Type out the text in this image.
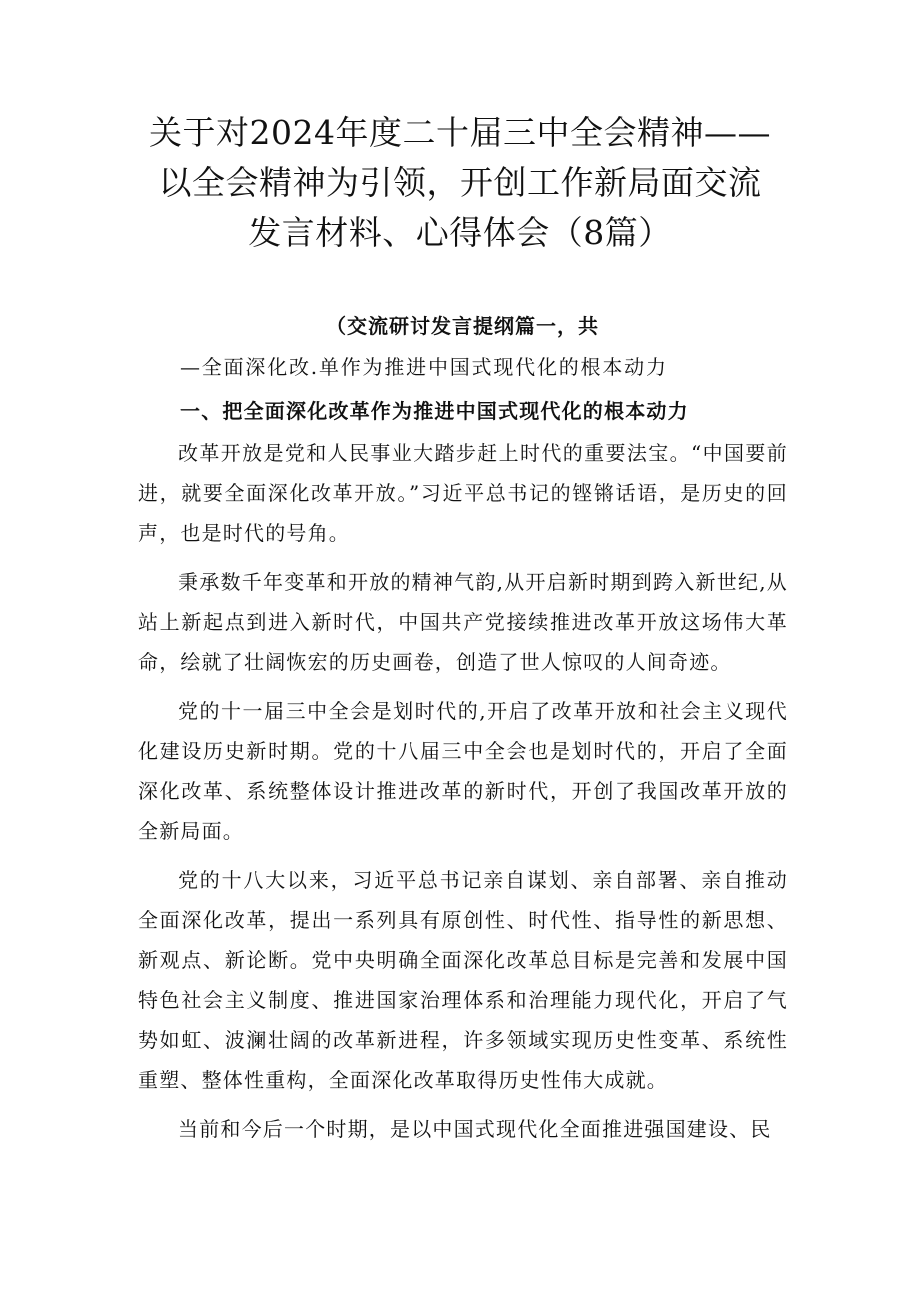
关于对2024年度二十届三中全会精神——
以全会精神为引领，开创工作新局面交流
发言材料、心得体会（8篇）
（交流研讨发言提纲篇一，共
—全面深化改.单作为推进中国式现代化的根本动力
一、把全面深化改革作为推进中国式现代化的根本动力

改革开放是党和人民事业大踏步赶上时代的重要法宝。“中国要前进，就要全面深化改革开放。”习近平总书记的铿锵话语，是历史的回声，也是时代的号角。

秉承数千年变革和开放的精神气韵,从开启新时期到跨入新世纪,从站上新起点到进入新时代，中国共产党接续推进改革开放这场伟大革命，绘就了壮阔恢宏的历史画卷，创造了世人惊叹的人间奇迹。

党的十一届三中全会是划时代的,开启了改革开放和社会主义现代化建设历史新时期。党的十八届三中全会也是划时代的，开启了全面深化改革、系统整体设计推进改革的新时代，开创了我国改革开放的全新局面。

党的十八大以来，习近平总书记亲自谋划、亲自部署、亲自推动全面深化改革，提出一系列具有原创性、时代性、指导性的新思想、新观点、新论断。党中央明确全面深化改革总目标是完善和发展中国特色社会主义制度、推进国家治理体系和治理能力现代化，开启了气势如虹、波澜壮阔的改革新进程，许多领域实现历史性变革、系统性重塑、整体性重构，全面深化改革取得历史性伟大成就。

当前和今后一个时期，是以中国式现代化全面推进强国建设、民
